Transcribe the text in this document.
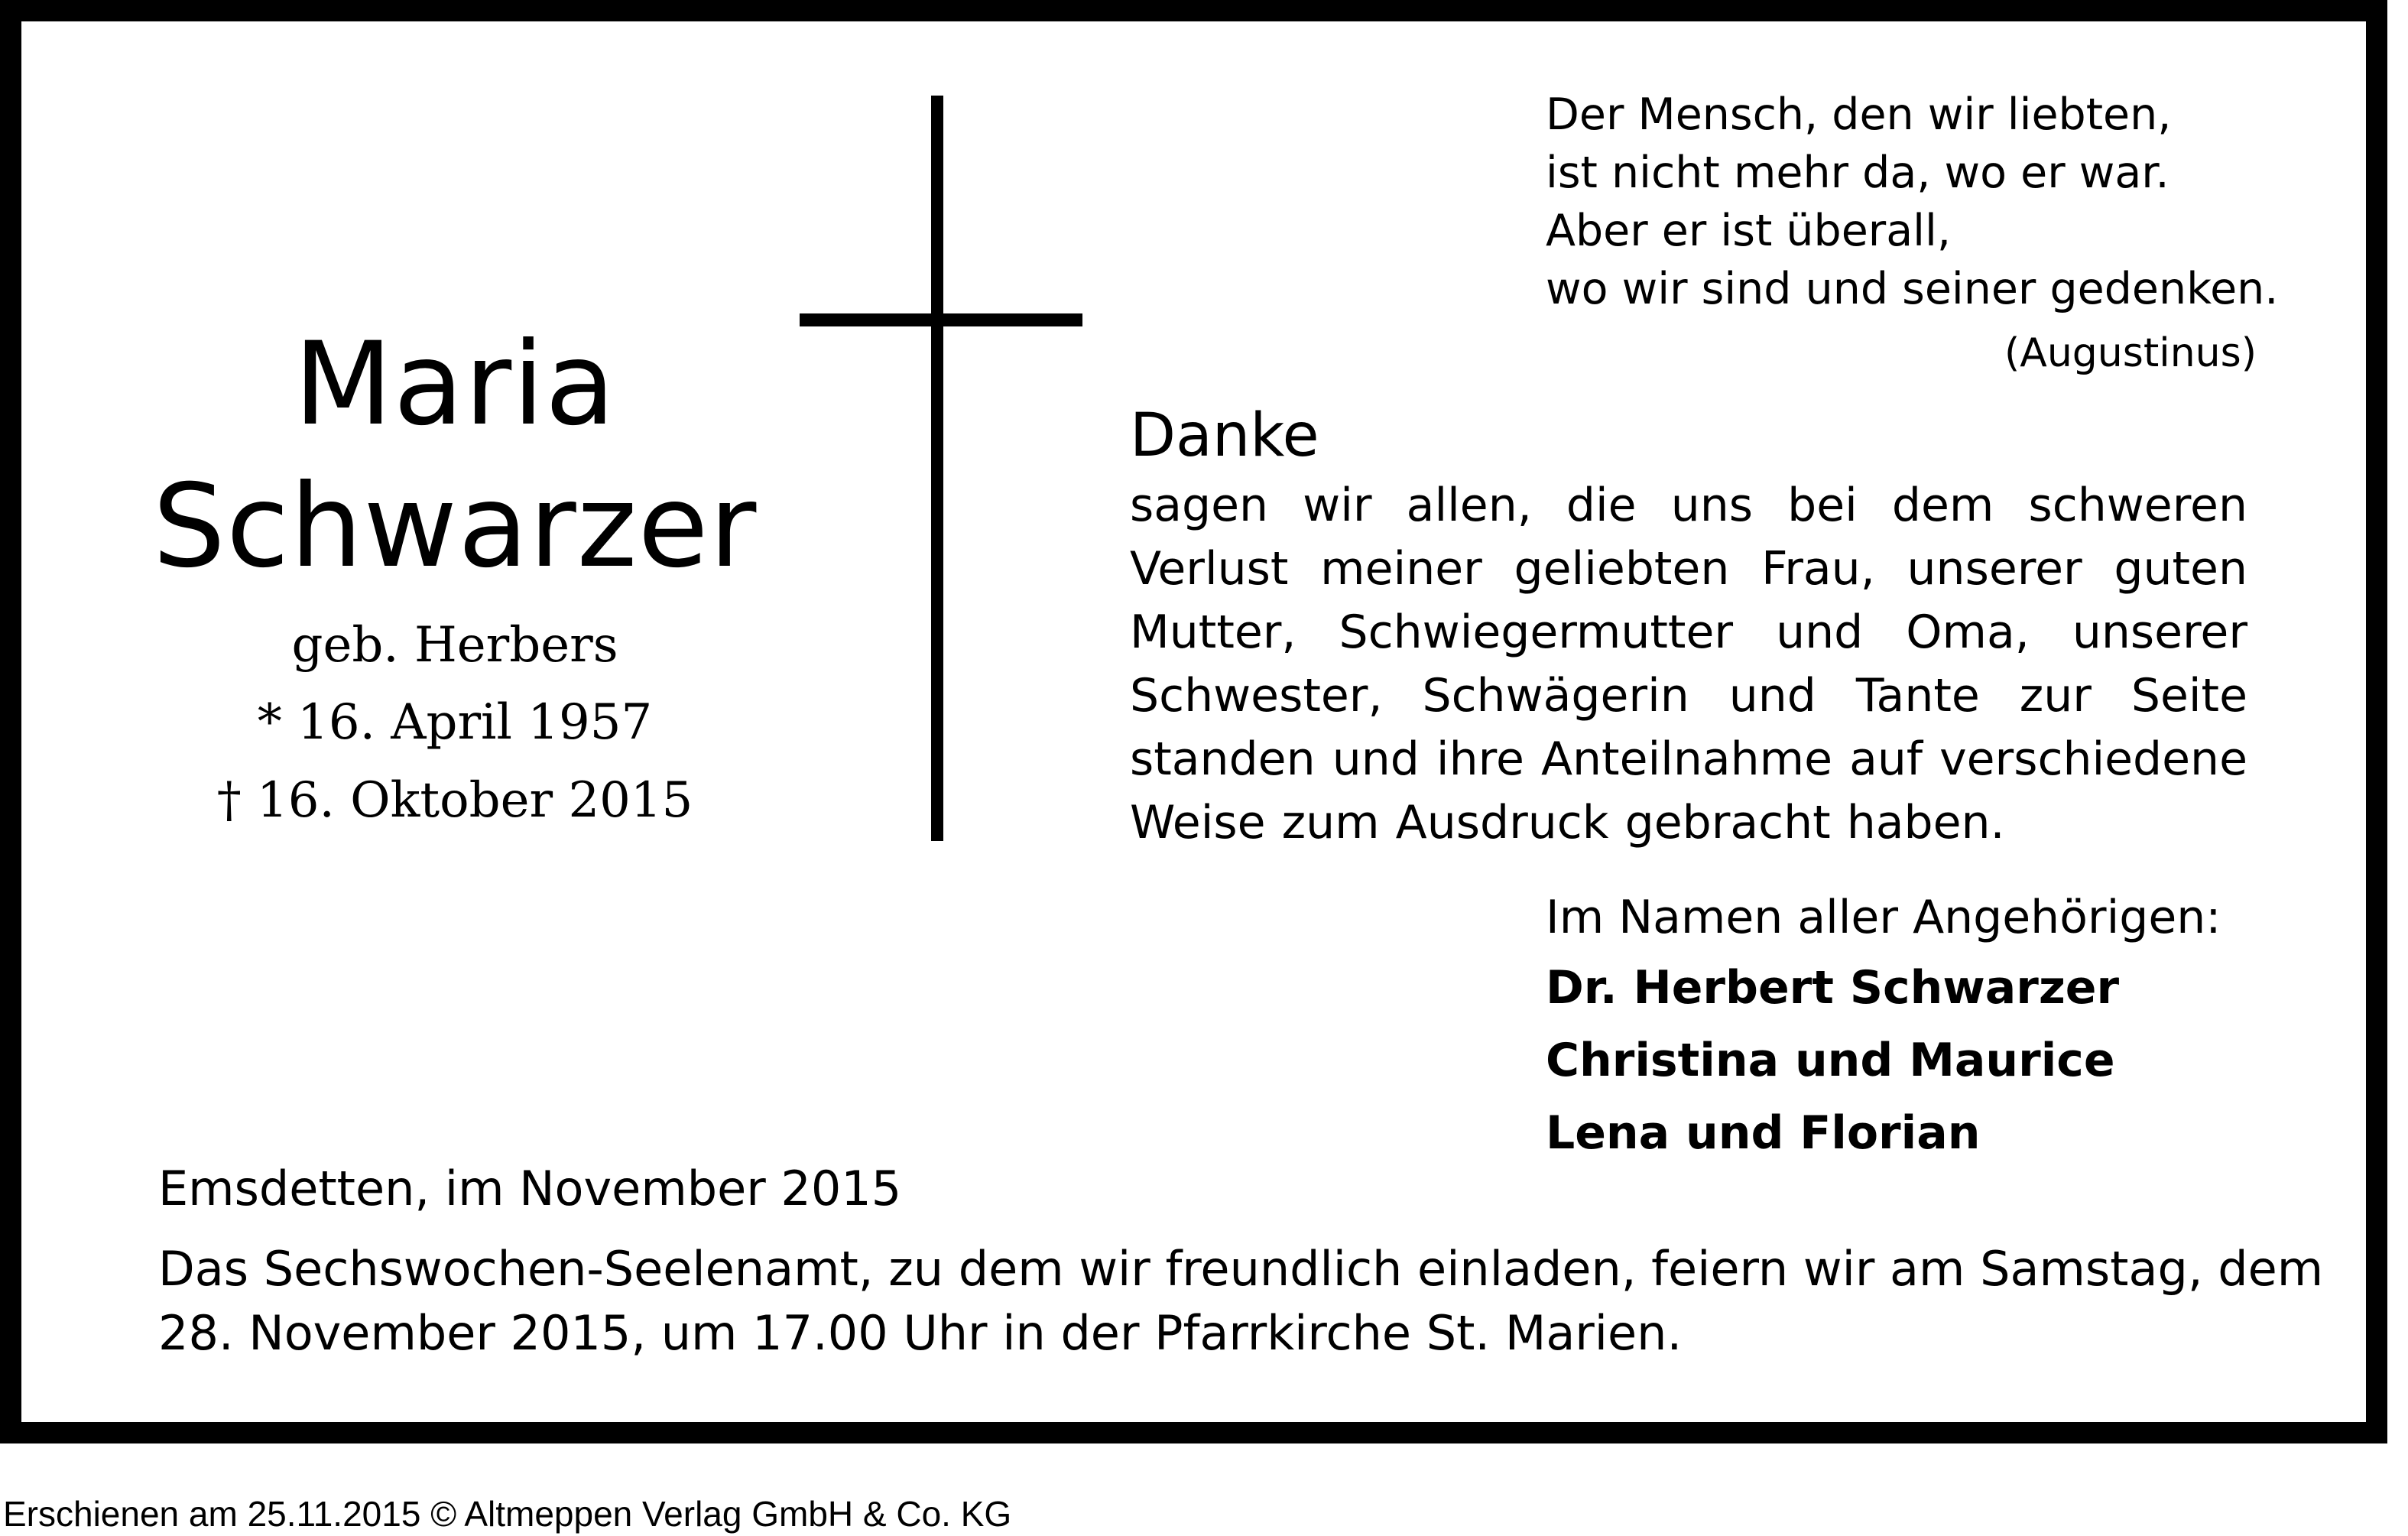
Maria
Schwarzer
geb. Herbers
* 16. April 1957
† 16. Oktober 2015
Der Mensch, den wir liebten,
ist nicht mehr da, wo er war.
Aber er ist überall,
wo wir sind und seiner gedenken.
(Augustinus)
Danke
sagen wir allen, die uns bei dem schweren Verlust meiner geliebten Frau, unserer guten Mutter, Schwiegermutter und Oma, unserer Schwester, Schwägerin und Tante zur Seite standen und ihre Anteilnahme auf verschiedene Weise zum Ausdruck gebracht haben.
Im Namen aller Angehörigen:
Dr. Herbert Schwarzer
Christina und Maurice
Lena und Florian
Emsdetten, im November 2015
Das Sechswochen-Seelenamt, zu dem wir freundlich einladen, feiern wir am Samstag, dem
28. November 2015, um 17.00 Uhr in der Pfarrkirche St. Marien.
Erschienen am 25.11.2015 © Altmeppen Verlag GmbH & Co. KG
